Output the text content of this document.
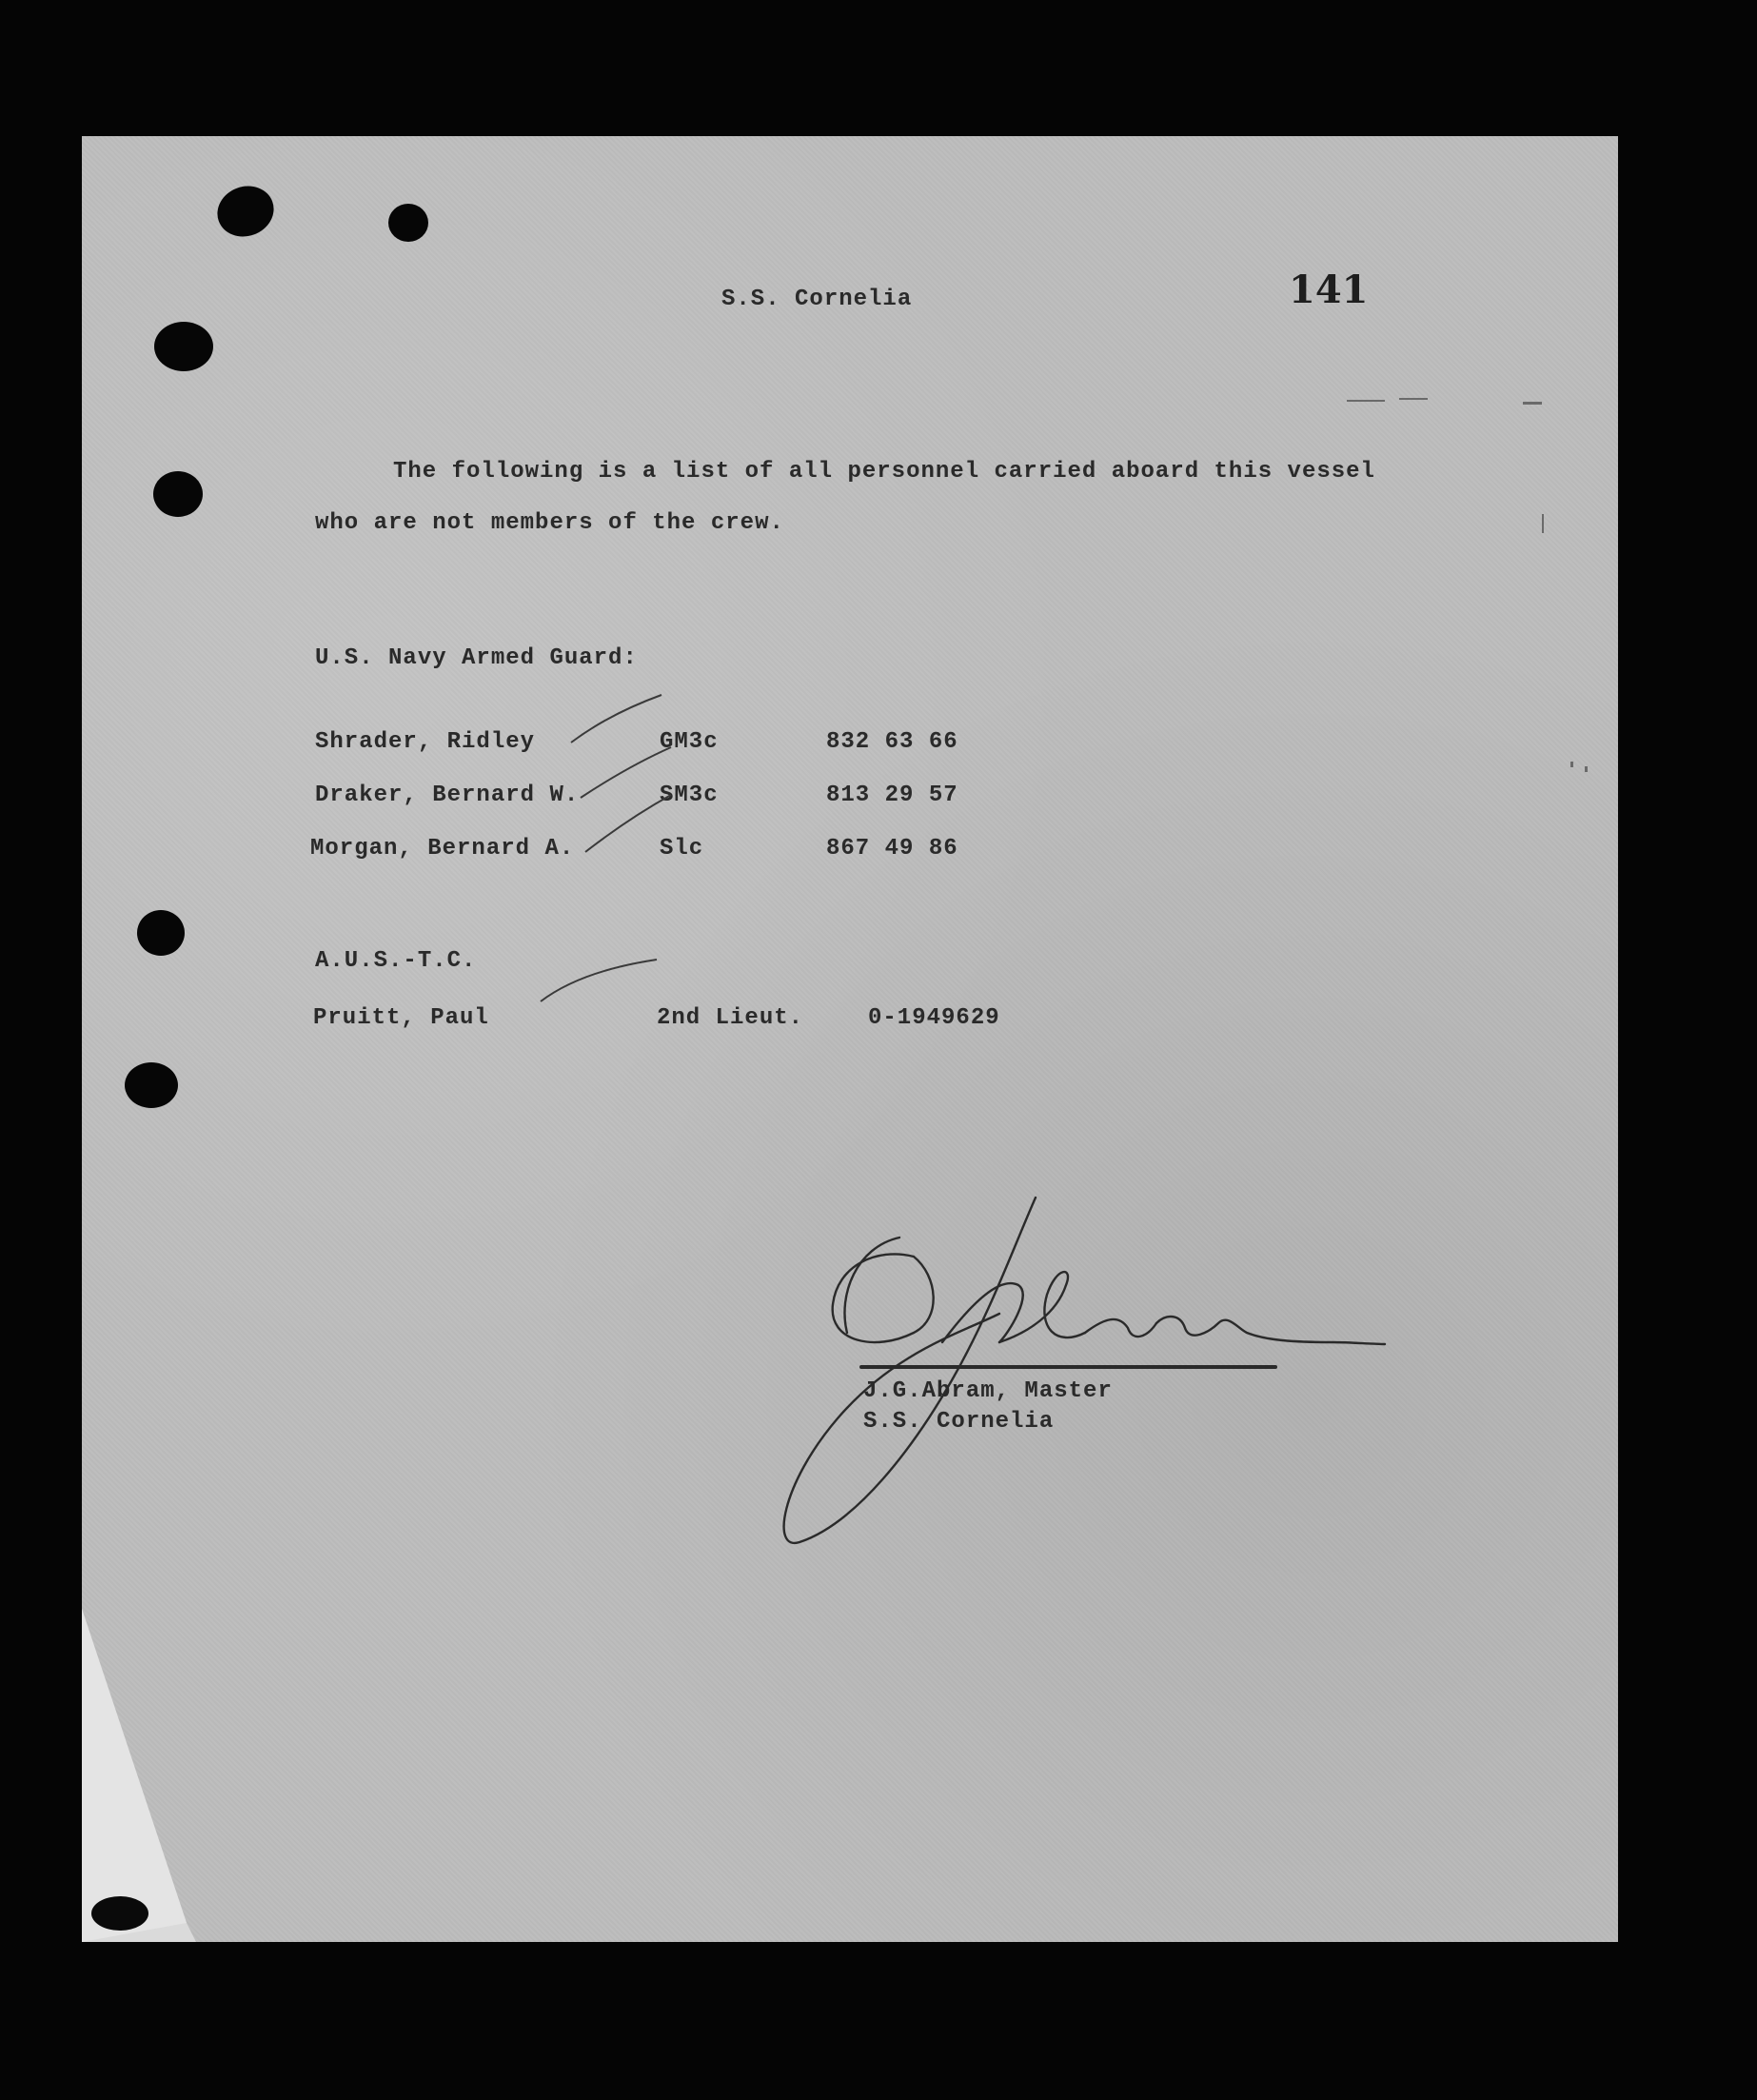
S.S. Cornelia	141
The following is a list of all personnel carried aboard this vessel
who are not members of the crew.
U.S. Navy Armed Guard:
Shrader, Ridley	GM3c	832 63 66
Draker, Bernard W.	SM3c	813 29 57
Morgan, Bernard A.	Slc	867 49 86
A.U.S.-T.C.
Pruitt, Paul	2nd Lieut.	0-1949629
J.G.Abram, Master
S.S. Cornelia
